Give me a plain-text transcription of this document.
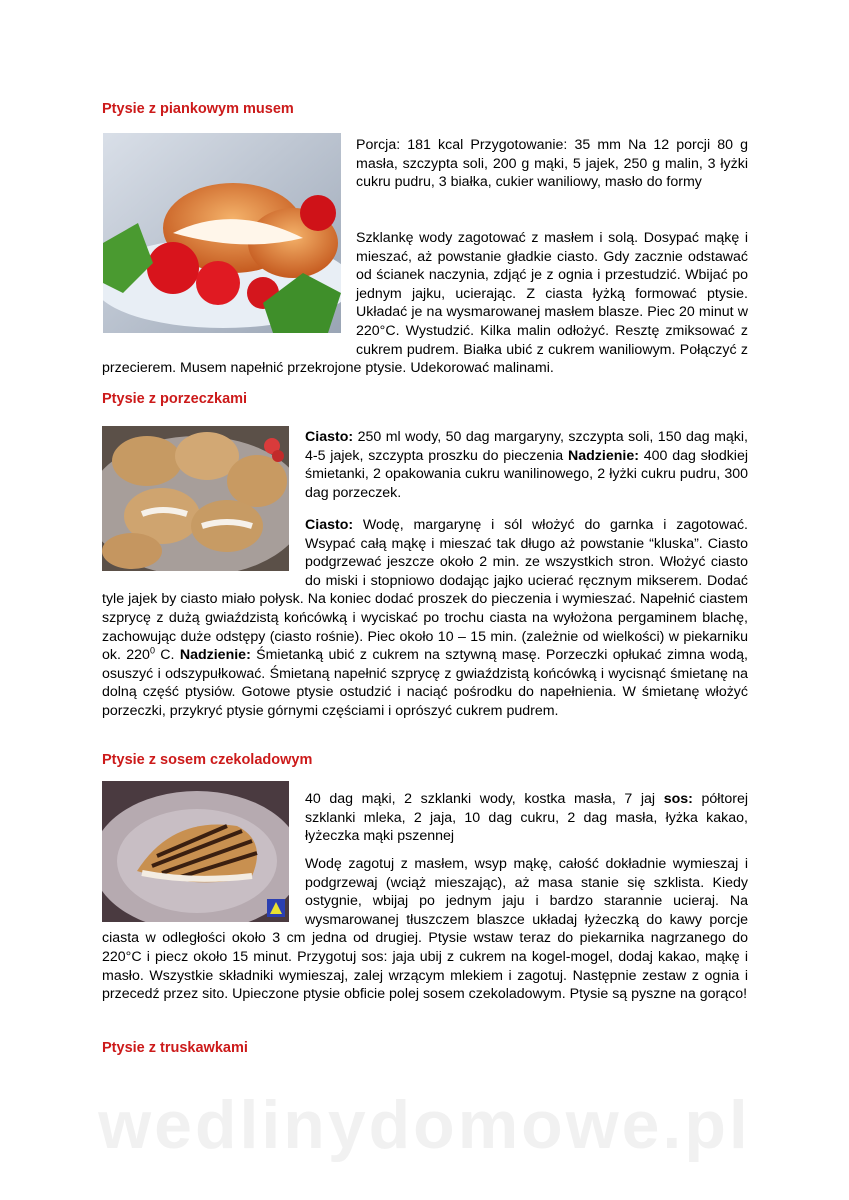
Ptysie z piankowym musem
Porcja: 181 kcal Przygotowanie: 35 mm Na 12 porcji 80 g masła, szczypta soli, 200 g mąki, 5 jajek, 250 g malin, 3 łyżki cukru pudru, 3 białka, cukier waniliowy, masło do formy

Szklankę wody zagotować z masłem i solą. Dosypać mąkę i mieszać, aż powstanie gładkie ciasto. Gdy zacznie odstawać od ścianek naczynia, zdjąć je z ognia i przestudzić. Wbijać po jednym jajku, ucierając. Z ciasta łyżką formować ptysie. Układać je na wysmarowanej masłem blasze. Piec 20 minut w 220°C. Wystudzić. Kilka malin odłożyć. Resztę zmiksować z cukrem pudrem. Białka ubić z cukrem waniliowym. Połączyć z przecierem. Musem napełnić przekrojone ptysie. Udekorować malinami.

Ptysie z porzeczkami
Ciasto: 250 ml wody, 50 dag margaryny, szczypta soli, 150 dag mąki, 4-5 jajek, szczypta proszku do pieczenia Nadzienie: 400 dag słodkiej śmietanki, 2 opakowania cukru wanilinowego, 2 łyżki cukru pudru, 300 dag porzeczek.

Ciasto: Wodę, margarynę i sól włożyć do garnka i zagotować. Wsypać całą mąkę i mieszać tak długo aż powstanie “kluska”. Ciasto podgrzewać jeszcze około 2 min. ze wszystkich stron. Włożyć ciasto do miski i stopniowo dodając jajko ucierać ręcznym mikserem. Dodać tyle jajek by ciasto miało połysk. Na koniec dodać proszek do pieczenia i wymieszać. Napełnić ciastem szprycę z dużą gwiaździstą końcówką i wyciskać po trochu ciasta na wyłożona pergaminem blachę, zachowując duże odstępy (ciasto rośnie). Piec około 10 – 15 min. (zależnie od wielkości) w piekarniku ok. $220^0$ C. Nadzienie: Śmietanką ubić z cukrem na sztywną masę. Porzeczki opłukać zimna wodą, osuszyć i odszypułkować. Śmietaną napełnić szprycę z gwiaździstą końcówką i wycisnąć śmietanę na dolną część ptysiów. Gotowe ptysie ostudzić i naciąć pośrodku do napełnienia. W śmietanę włożyć porzeczki, przykryć ptysie górnymi częściami i oprószyć cukrem pudrem.

Ptysie z sosem czekoladowym
40 dag mąki, 2 szklanki wody, kostka masła, 7 jaj sos: półtorej szklanki mleka, 2 jaja, 10 dag cukru, 2 dag masła, łyżka kakao, łyżeczka mąki pszennej

Wodę zagotuj z masłem, wsyp mąkę, całość dokładnie wymieszaj i podgrzewaj (wciąż mieszając), aż masa stanie się szklista. Kiedy ostygnie, wbijaj po jednym jaju i bardzo starannie ucieraj. Na wysmarowanej tłuszczem blaszce układaj łyżeczką do kawy porcje ciasta w odległości około 3 cm jedna od drugiej. Ptysie wstaw teraz do piekarnika nagrzanego do 220°C i piecz około 15 minut. Przygotuj sos: jaja ubij z cukrem na kogel-mogel, dodaj kakao, mąkę i masło. Wszystkie składniki wymieszaj, zalej wrzącym mlekiem i zagotuj. Następnie zestaw z ognia i przecedź przez sito. Upieczone ptysie obficie polej sosem czekoladowym. Ptysie są pyszne na gorąco!

Ptysie z truskawkami
wedlinydomowe.pl
